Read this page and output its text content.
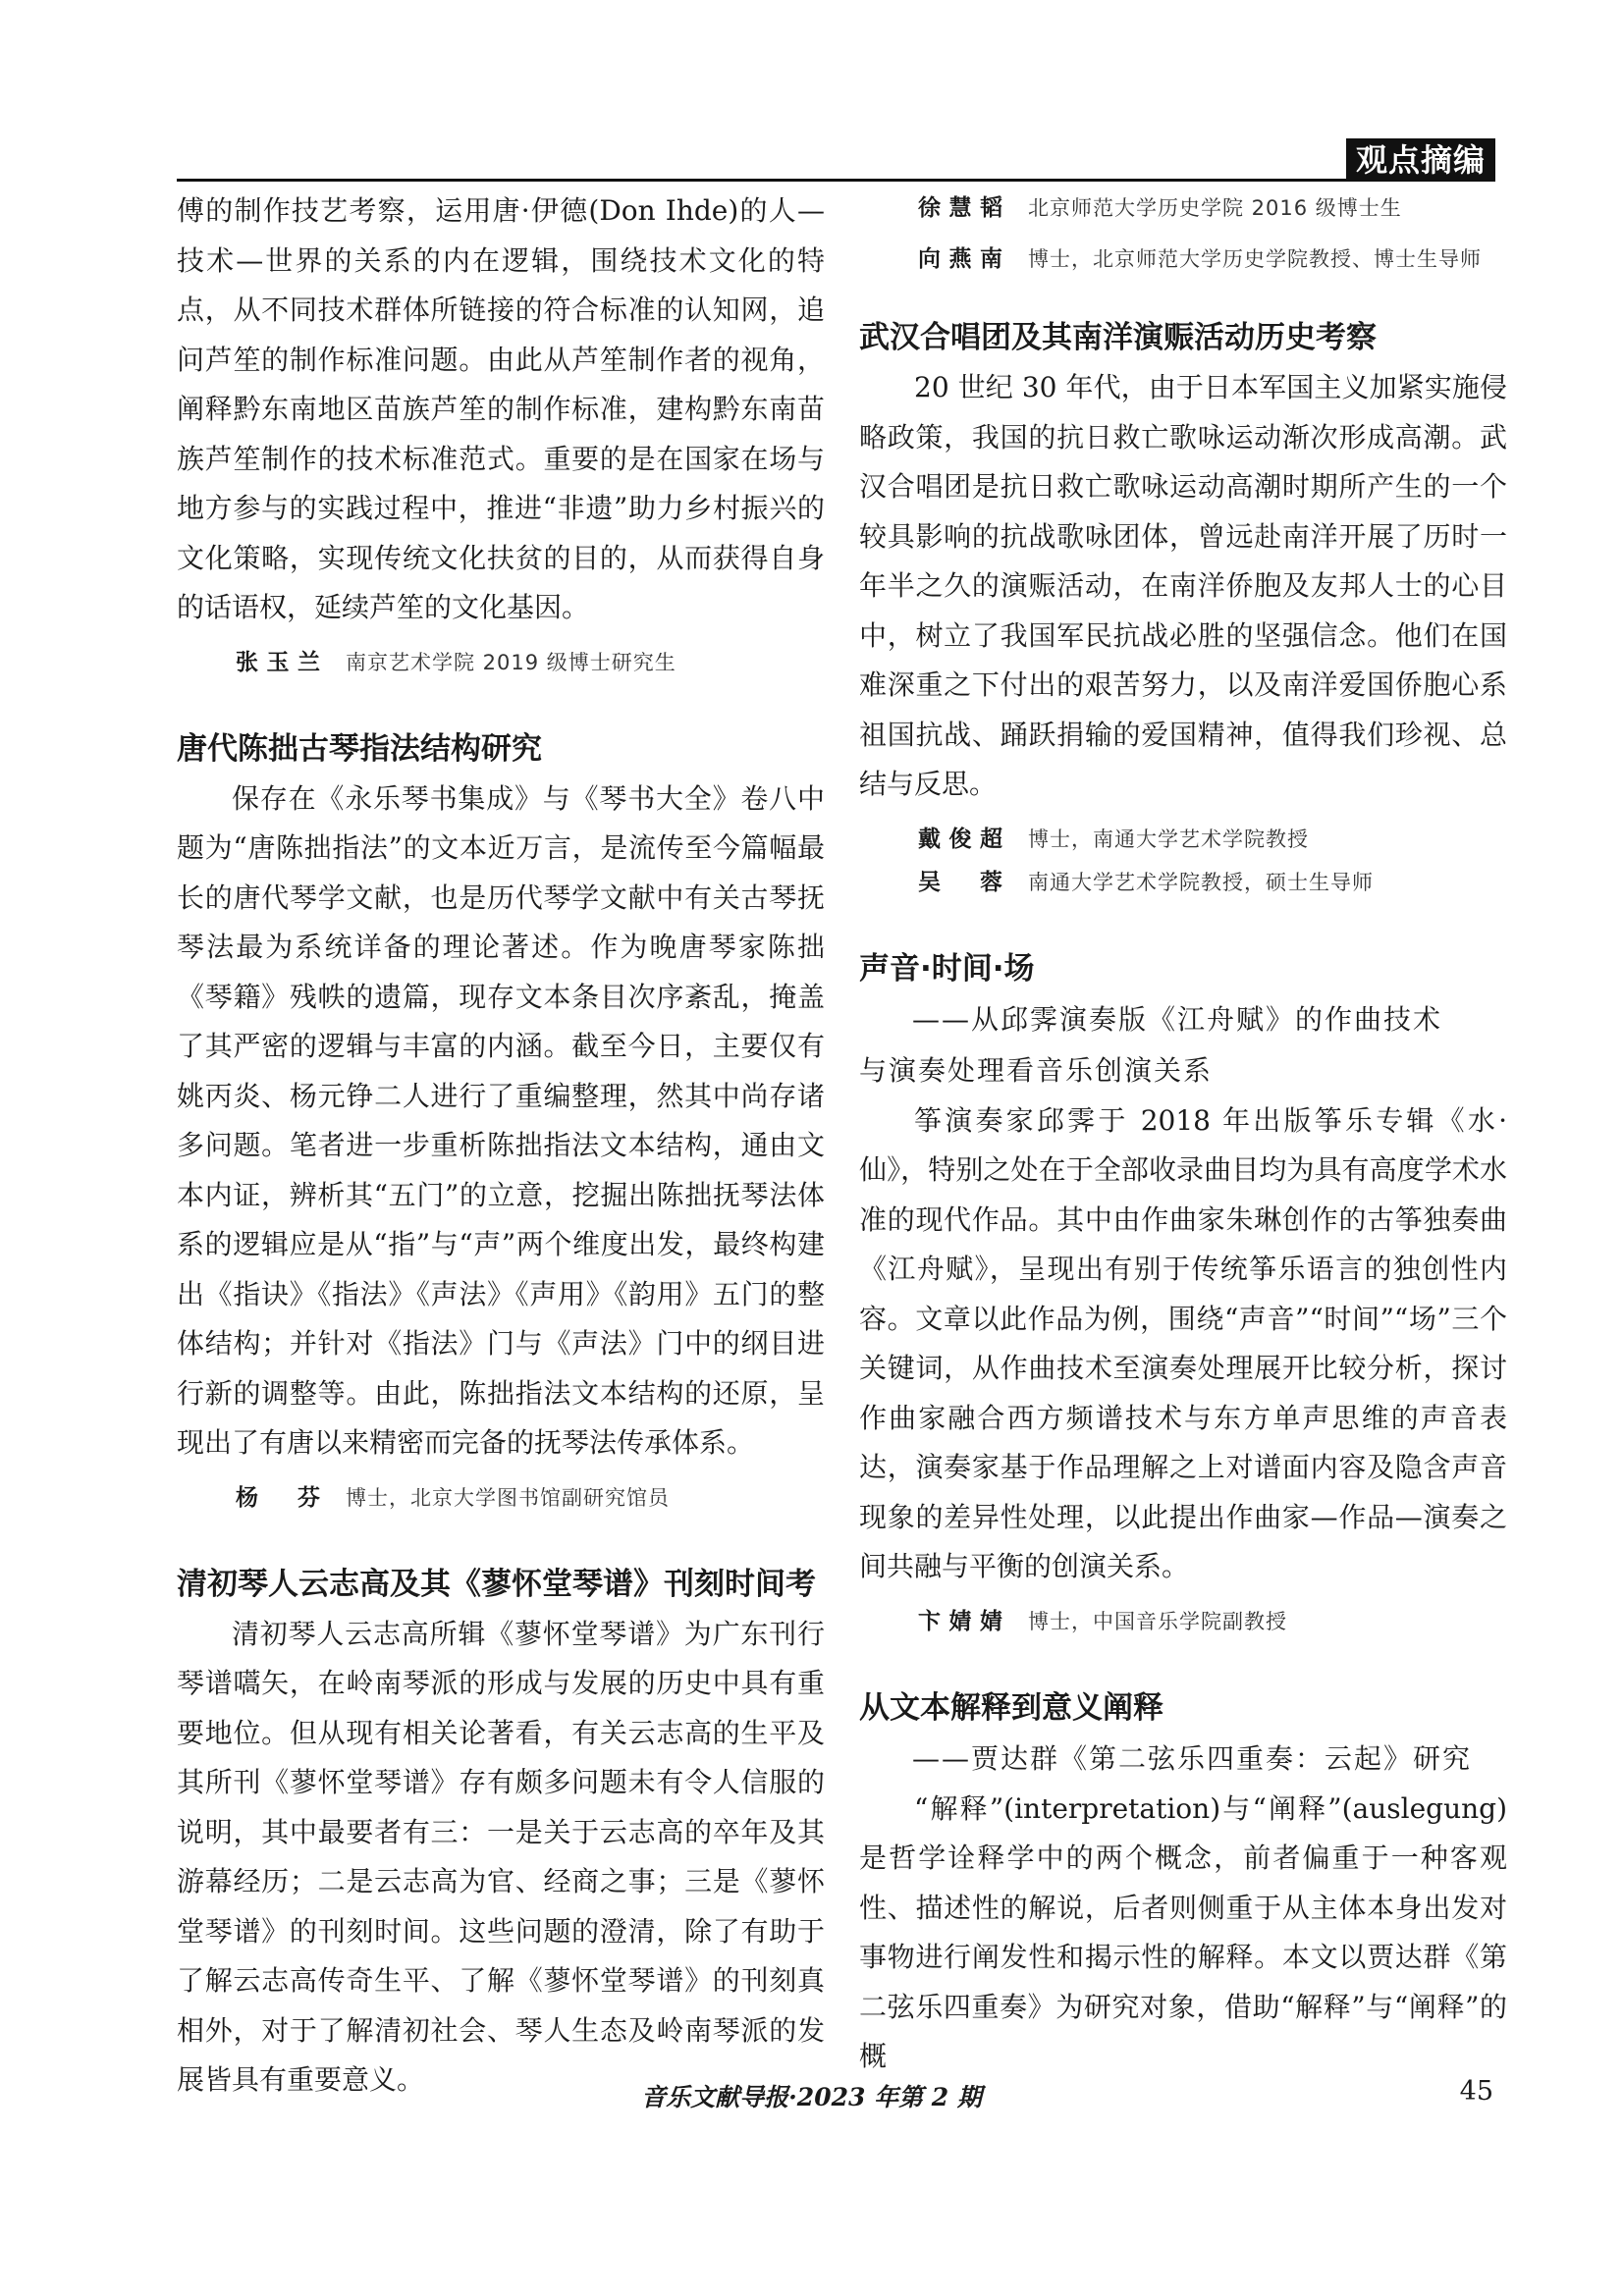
观点摘编

傅的制作技艺考察，运用唐·伊德(Don Ihde)的人—技术—世界的关系的内在逻辑，围绕技术文化的特点，从不同技术群体所链接的符合标准的认知网，追问芦笙的制作标准问题。由此从芦笙制作者的视角，阐释黔东南地区苗族芦笙的制作标准，建构黔东南苗族芦笙制作的技术标准范式。重要的是在国家在场与地方参与的实践过程中，推进“非遗”助力乡村振兴的文化策略，实现传统文化扶贫的目的，从而获得自身的话语权，延续芦笙的文化基因。

张玉兰 南京艺术学院 2019 级博士研究生
唐代陈拙古琴指法结构研究

保存在《永乐琴书集成》与《琴书大全》卷八中题为“唐陈拙指法”的文本近万言，是流传至今篇幅最长的唐代琴学文献，也是历代琴学文献中有关古琴抚琴法最为系统详备的理论著述。作为晚唐琴家陈拙《琴籍》残帙的遗篇，现存文本条目次序紊乱，掩盖了其严密的逻辑与丰富的内涵。截至今日，主要仅有姚丙炎、杨元铮二人进行了重编整理，然其中尚存诸多问题。笔者进一步重析陈拙指法文本结构，通由文本内证，辨析其“五门”的立意，挖掘出陈拙抚琴法体系的逻辑应是从“指”与“声”两个维度出发，最终构建出《指诀》《指法》《声法》《声用》《韵用》五门的整体结构；并针对《指法》门与《声法》门中的纲目进行新的调整等。由此，陈拙指法文本结构的还原，呈现出了有唐以来精密而完备的抚琴法传承体系。

杨芬 博士，北京大学图书馆副研究馆员
清初琴人云志高及其《蓼怀堂琴谱》刊刻时间考

清初琴人云志高所辑《蓼怀堂琴谱》为广东刊行琴谱嚆矢，在岭南琴派的形成与发展的历史中具有重要地位。但从现有相关论著看，有关云志高的生平及其所刊《蓼怀堂琴谱》存有颇多问题未有令人信服的说明，其中最要者有三：一是关于云志高的卒年及其游幕经历；二是云志高为官、经商之事；三是《蓼怀堂琴谱》的刊刻时间。这些问题的澄清，除了有助于了解云志高传奇生平、了解《蓼怀堂琴谱》的刊刻真相外，对于了解清初社会、琴人生态及岭南琴派的发展皆具有重要意义。

徐慧韬 北京师范大学历史学院 2016 级博士生
向燕南 博士，北京师范大学历史学院教授、博士生导师
武汉合唱团及其南洋演赈活动历史考察

20 世纪 30 年代，由于日本军国主义加紧实施侵略政策，我国的抗日救亡歌咏运动渐次形成高潮。武汉合唱团是抗日救亡歌咏运动高潮时期所产生的一个较具影响的抗战歌咏团体，曾远赴南洋开展了历时一年半之久的演赈活动，在南洋侨胞及友邦人士的心目中，树立了我国军民抗战必胜的坚强信念。他们在国难深重之下付出的艰苦努力，以及南洋爱国侨胞心系祖国抗战、踊跃捐输的爱国精神，值得我们珍视、总结与反思。

戴俊超 博士，南通大学艺术学院教授
吴蓉 南通大学艺术学院教授，硕士生导师
声音·时间·场

——从邱霁演奏版《江舟赋》的作曲技术

与演奏处理看音乐创演关系

筝演奏家邱霁于 2018 年出版筝乐专辑《水·仙》，特别之处在于全部收录曲目均为具有高度学术水准的现代作品。其中由作曲家朱琳创作的古筝独奏曲《江舟赋》，呈现出有别于传统筝乐语言的独创性内容。文章以此作品为例，围绕“声音”“时间”“场”三个关键词，从作曲技术至演奏处理展开比较分析，探讨作曲家融合西方频谱技术与东方单声思维的声音表达，演奏家基于作品理解之上对谱面内容及隐含声音现象的差异性处理，以此提出作曲家—作品—演奏之间共融与平衡的创演关系。

卞婧婧 博士，中国音乐学院副教授
从文本解释到意义阐释

——贾达群《第二弦乐四重奏：云起》研究

“解释”(interpretation)与“阐释”(auslegung)是哲学诠释学中的两个概念，前者偏重于一种客观性、描述性的解说，后者则侧重于从主体本身出发对事物进行阐发性和揭示性的解释。本文以贾达群《第二弦乐四重奏》为研究对象，借助“解释”与“阐释”的概

音乐文献导报·2023 年第 2 期	45
